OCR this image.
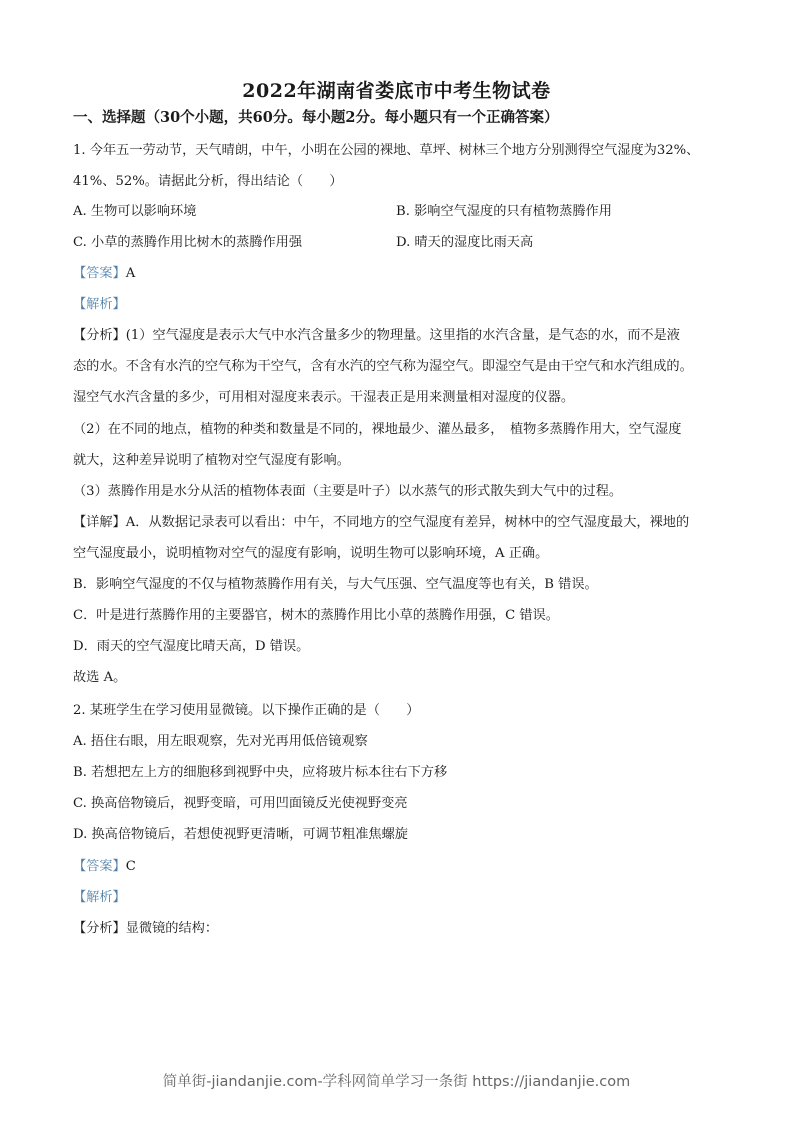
2022年湖南省娄底市中考生物试卷
一、选择题（30个小题，共60分。每小题2分。每小题只有一个正确答案）
1. 今年五一劳动节，天气晴朗，中午，小明在公园的裸地、草坪、树林三个地方分别测得空气湿度为32%、
41%、52%。请据此分析，得出结论（　　）
A. 生物可以影响环境	B. 影响空气湿度的只有植物蒸腾作用
C. 小草的蒸腾作用比树木的蒸腾作用强	D. 晴天的湿度比雨天高
【答案】A
【解析】
【分析】(1）空气湿度是表示大气中水汽含量多少的物理量。这里指的水汽含量，是气态的水，而不是液
态的水。不含有水汽的空气称为干空气，含有水汽的空气称为湿空气。即湿空气是由干空气和水汽组成的。
湿空气水汽含量的多少，可用相对湿度来表示。干湿表正是用来测量相对湿度的仪器。
（2）在不同的地点，植物的种类和数量是不同的，裸地最少、灌丛最多，　植物多蒸腾作用大，空气湿度
就大，这种差异说明了植物对空气湿度有影响。
（3）蒸腾作用是水分从活的植物体表面（主要是叶子）以水蒸气的形式散失到大气中的过程。
【详解】A．从数据记录表可以看出：中午，不同地方的空气湿度有差异，树林中的空气湿度最大，裸地的
空气湿度最小，说明植物对空气的湿度有影响，说明生物可以影响环境，A 正确。
B．影响空气湿度的不仅与植物蒸腾作用有关，与大气压强、空气温度等也有关，B 错误。
C．叶是进行蒸腾作用的主要器官，树木的蒸腾作用比小草的蒸腾作用强，C 错误。
D．雨天的空气湿度比晴天高，D 错误。
故选 A。
2. 某班学生在学习使用显微镜。以下操作正确的是（　　）
A. 捂住右眼，用左眼观察，先对光再用低倍镜观察
B. 若想把左上方的细胞移到视野中央，应将玻片标本往右下方移
C. 换高倍物镜后，视野变暗，可用凹面镜反光使视野变亮
D. 换高倍物镜后，若想使视野更清晰，可调节粗准焦螺旋
【答案】C
【解析】
【分析】显微镜的结构：
简单街-jiandanjie.com-学科网简单学习一条街 https://jiandanjie.com
